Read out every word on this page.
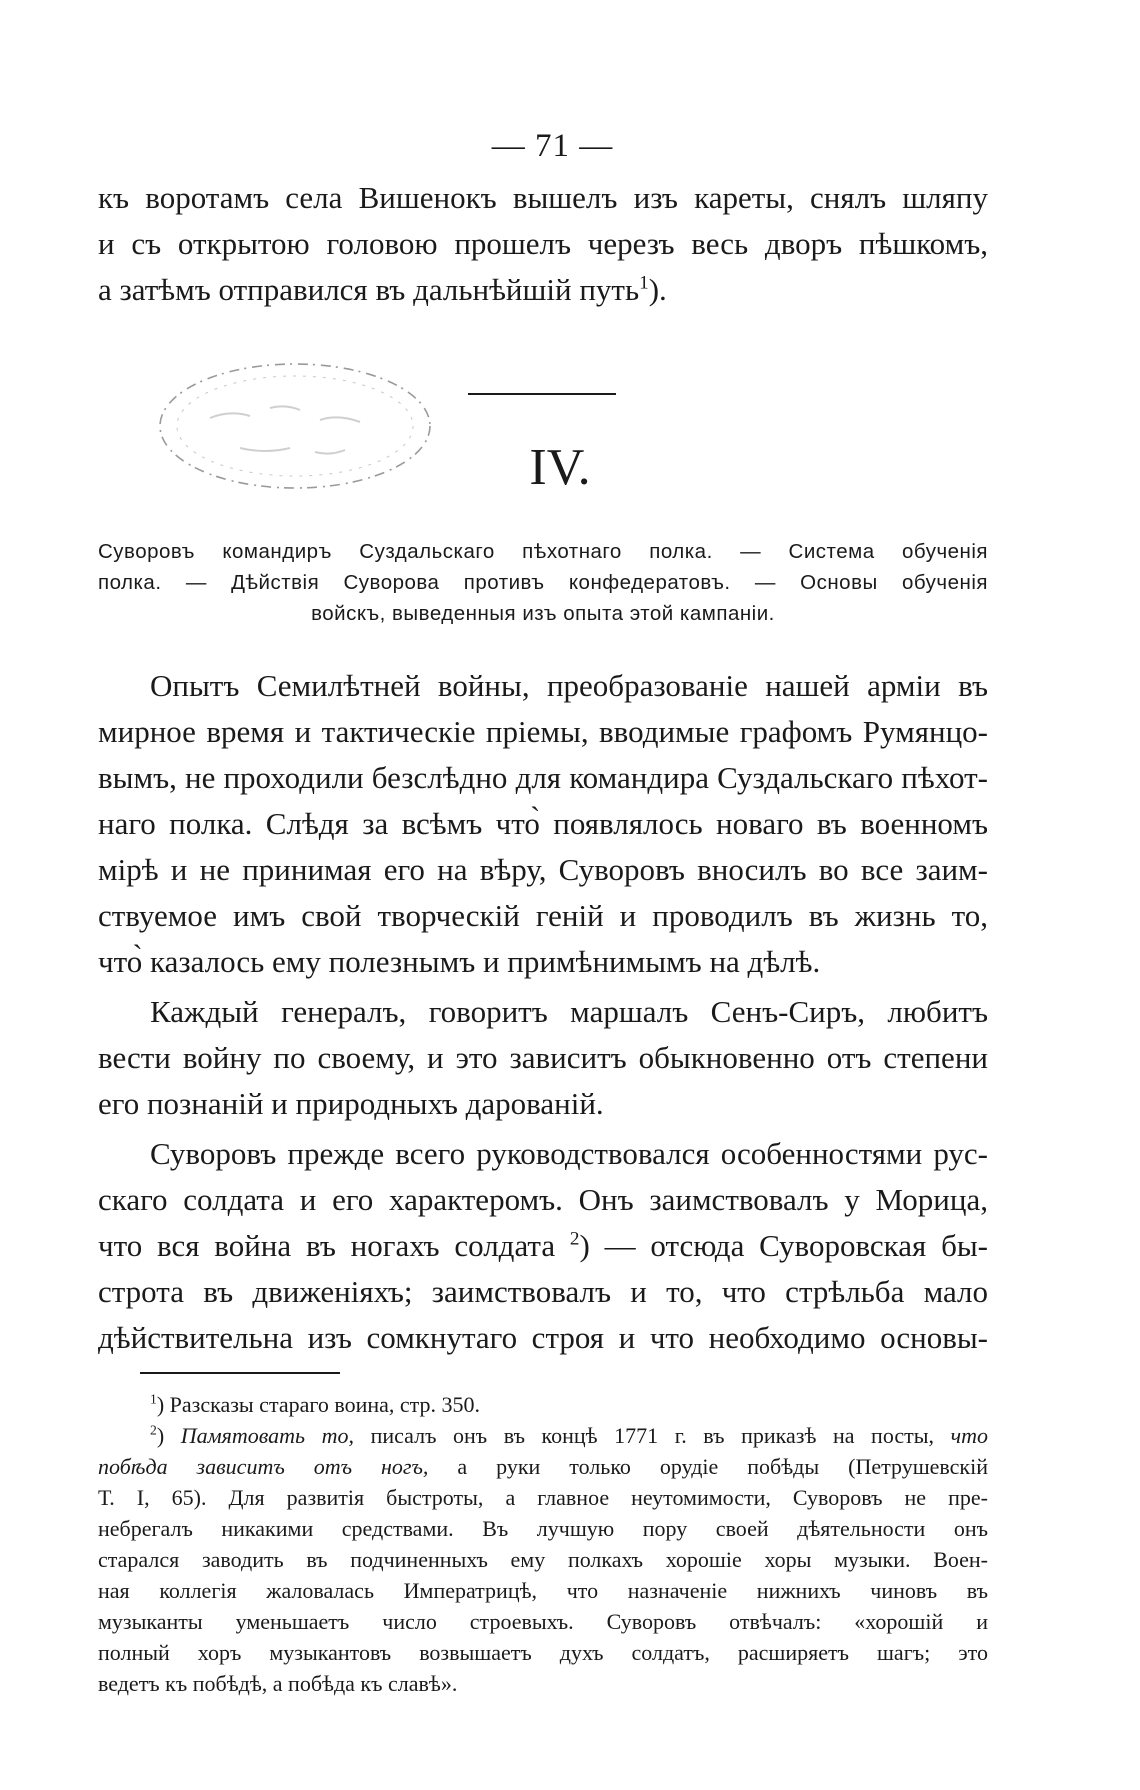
— 71 —
къ воротамъ села Вишенокъ вышелъ изъ кареты, снялъ шляпу
и съ открытою головою прошелъ черезъ весь дворъ пѣшкомъ,
а затѣмъ отправился въ дальнѣйшій путь$^1$).
IV.
Суворовъ командиръ Суздальскаго пѣхотнаго полка. — Система обученія
полка. — Дѣйствія Суворова противъ конфедератовъ. — Основы обученія
войскъ, выведенныя изъ опыта этой кампаніи.
Опытъ Семилѣтней войны, преобразованіе нашей арміи въ
мирное время и тактическіе пріемы, вводимые графомъ Румянцо-
вымъ, не проходили безслѣдно для командира Суздальскаго пѣхот-
наго полка. Слѣдя за всѣмъ что̀ появлялось новаго въ военномъ
мірѣ и не принимая его на вѣру, Суворовъ вносилъ во все заим-
ствуемое имъ свой творческій геній и проводилъ въ жизнь то,
что̀ казалось ему полезнымъ и примѣнимымъ на дѣлѣ.
Каждый генералъ, говоритъ маршалъ Сенъ-Сиръ, любитъ
вести войну по своему, и это зависитъ обыкновенно отъ степени
его познаній и природныхъ дарованій.
Суворовъ прежде всего руководствовался особенностями рус-
скаго солдата и его характеромъ. Онъ заимствовалъ у Морица,
что вся война въ ногахъ солдата $^2$) — отсюда Суворовская бы-
строта въ движеніяхъ; заимствовалъ и то, что стрѣльба мало
дѣйствительна изъ сомкнутаго строя и что необходимо основы-
$^1$) Разсказы стараго воина, стр. 350.
$^2$) Памятовать то, писалъ онъ въ концѣ 1771 г. въ приказѣ на посты, что
побѣда зависитъ отъ ногъ, а руки только орудіе побѣды (Петрушевскій
Т. I, 65). Для развитія быстроты, а главное неутомимости, Суворовъ не пре-
небрегалъ никакими средствами. Въ лучшую пору своей дѣятельности онъ
старался заводить въ подчиненныхъ ему полкахъ хорошіе хоры музыки. Воен-
ная коллегія жаловалась Императрицѣ, что назначеніе нижнихъ чиновъ въ
музыканты уменьшаетъ число строевыхъ. Суворовъ отвѣчалъ: «хорошій и
полный хоръ музыкантовъ возвышаетъ духъ солдатъ, расширяетъ шагъ; это
ведетъ къ побѣдѣ, а побѣда къ славѣ».
